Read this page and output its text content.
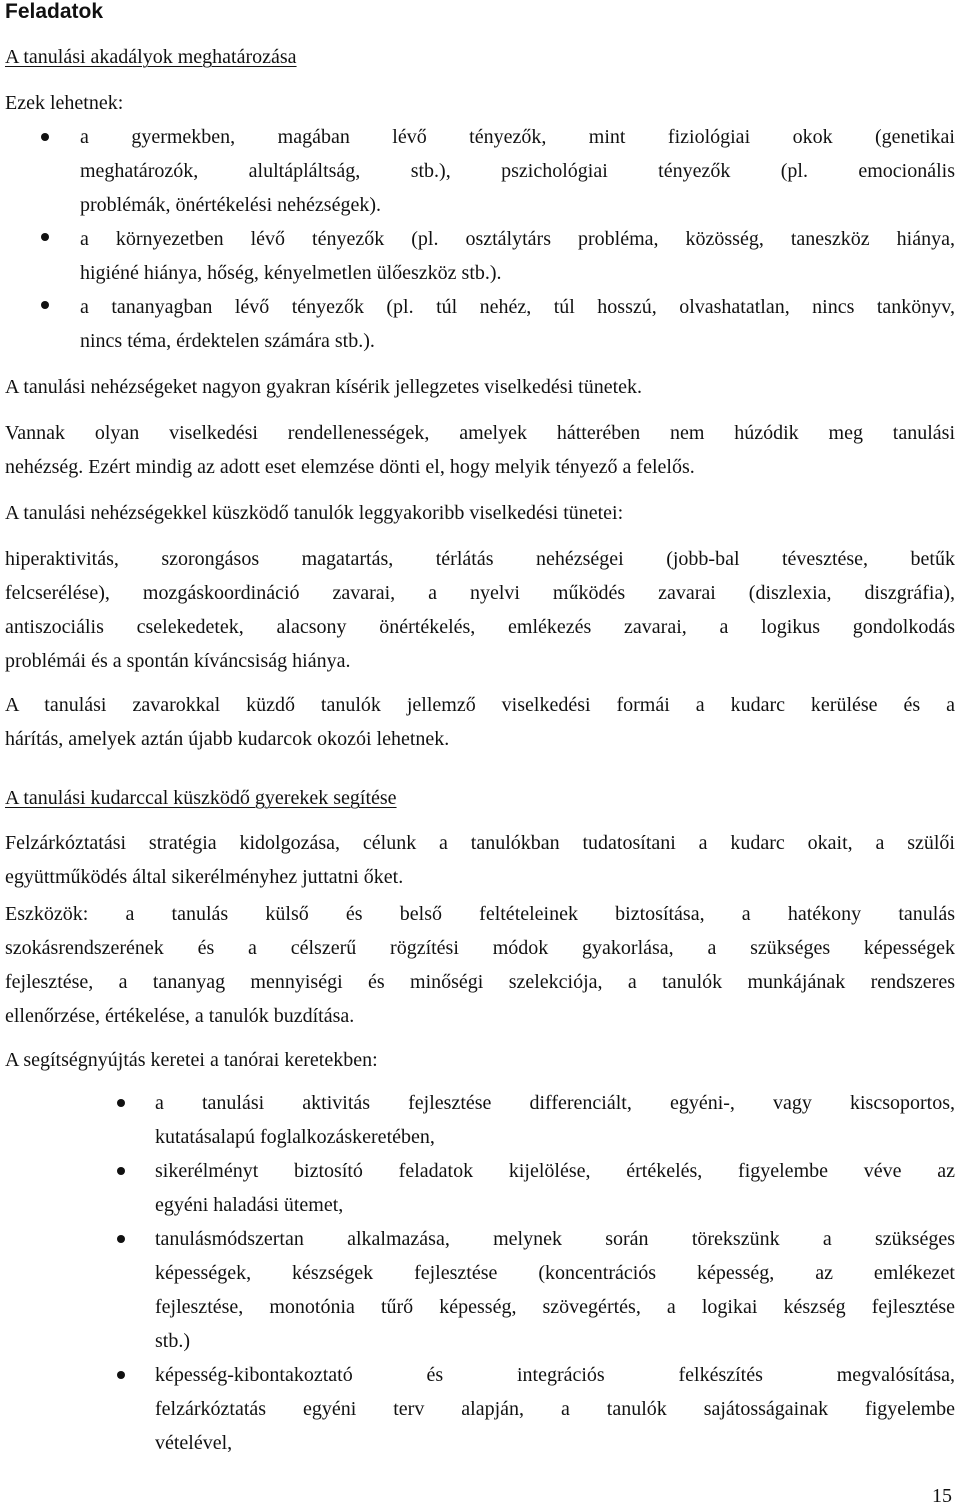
Feladatok
A tanulási akadályok meghatározása
Ezek lehetnek:
a gyermekben, magában lévő tényezők, mint fiziológiai okok (genetikai
meghatározók, alultápláltság, stb.), pszichológiai tényezők (pl. emocionális
problémák, önértékelési nehézségek).
a környezetben lévő tényezők (pl. osztálytárs probléma, közösség, taneszköz hiánya,
higiéné hiánya, hőség, kényelmetlen ülőeszköz stb.).
a tananyagban lévő tényezők (pl. túl nehéz, túl hosszú, olvashatatlan, nincs tankönyv,
nincs téma, érdektelen számára stb.).
A tanulási nehézségeket nagyon gyakran kísérik jellegzetes viselkedési tünetek.
Vannak olyan viselkedési rendellenességek, amelyek hátterében nem húzódik meg tanulási
nehézség. Ezért mindig az adott eset elemzése dönti el, hogy melyik tényező a felelős.
A tanulási nehézségekkel küszködő tanulók leggyakoribb viselkedési tünetei:
hiperaktivitás, szorongásos magatartás, térlátás nehézségei (jobb-bal tévesztése, betűk
felcserélése), mozgáskoordináció zavarai, a nyelvi működés zavarai (diszlexia, diszgráfia),
antiszociális cselekedetek, alacsony önértékelés, emlékezés zavarai, a logikus gondolkodás
problémái és a spontán kíváncsiság hiánya.
A tanulási zavarokkal küzdő tanulók jellemző viselkedési formái a kudarc kerülése és a
hárítás, amelyek aztán újabb kudarcok okozói lehetnek.
A tanulási kudarccal küszködő gyerekek segítése
Felzárkóztatási stratégia kidolgozása, célunk a tanulókban tudatosítani a kudarc okait, a szülői
együttműködés által sikerélményhez juttatni őket.
Eszközök: a tanulás külső és belső feltételeinek biztosítása, a hatékony tanulás
szokásrendszerének és a célszerű rögzítési módok gyakorlása, a szükséges képességek
fejlesztése, a tananyag mennyiségi és minőségi szelekciója, a tanulók munkájának rendszeres
ellenőrzése, értékelése, a tanulók buzdítása.
A segítségnyújtás keretei a tanórai keretekben:
a tanulási aktivitás fejlesztése differenciált, egyéni-, vagy kiscsoportos,
kutatásalapú foglalkozáskeretében,
sikerélményt biztosító feladatok kijelölése, értékelés, figyelembe véve az
egyéni haladási ütemet,
tanulásmódszertan alkalmazása, melynek során törekszünk a szükséges
képességek, készségek fejlesztése (koncentrációs képesség, az emlékezet
fejlesztése, monotónia tűrő képesség, szövegértés, a logikai készség fejlesztése
stb.)
képesség-kibontakoztató és integrációs felkészítés megvalósítása,
felzárkóztatás egyéni terv alapján, a tanulók sajátosságainak figyelembe
vételével,
15
